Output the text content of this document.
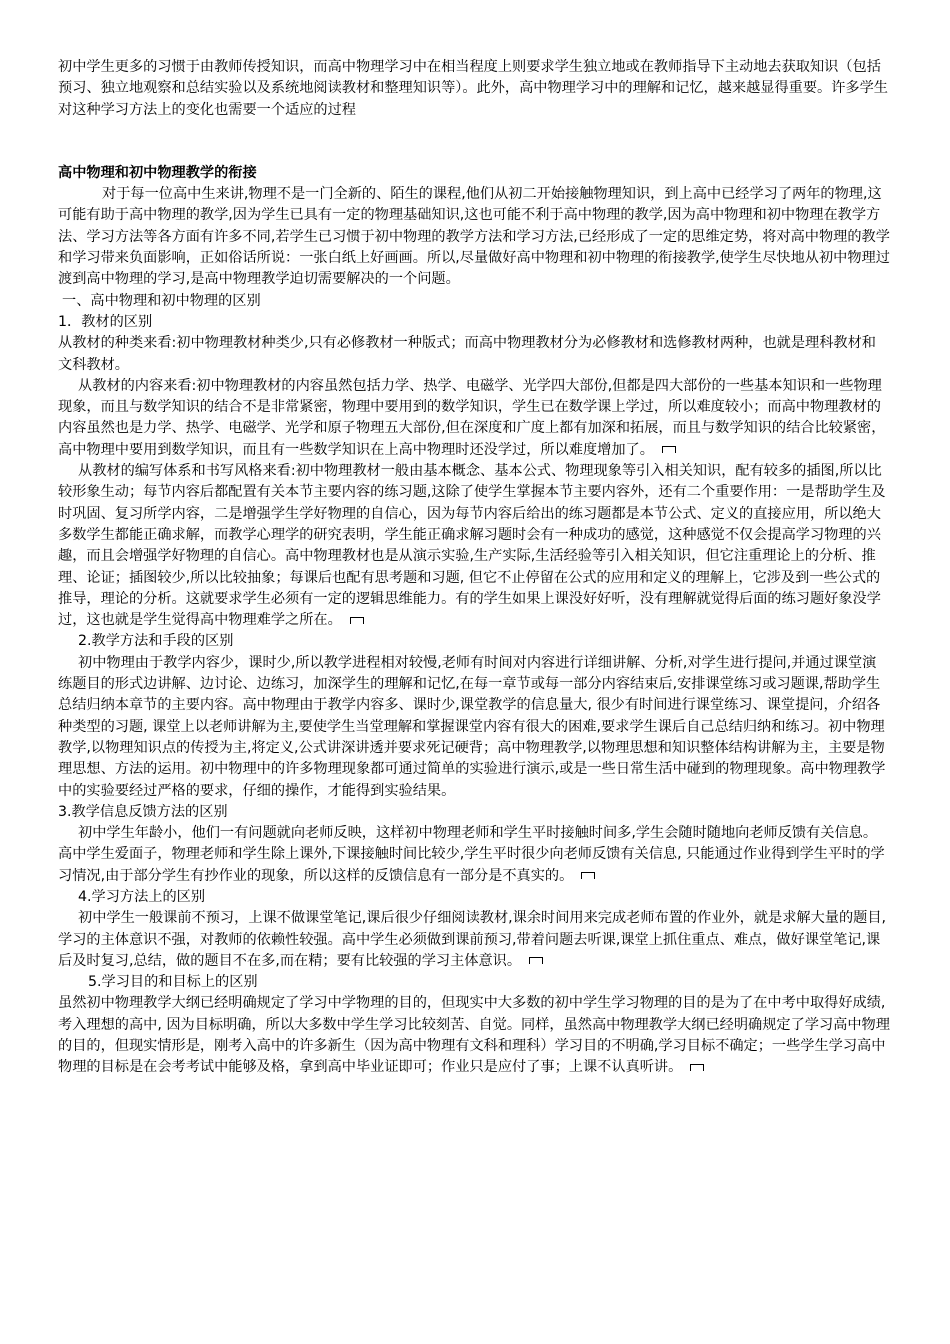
初中学生更多的习惯于由教师传授知识，而高中物理学习中在相当程度上则要求学生独立地或在教师指导下主动地去获取知识（包括预习、独立地观察和总结实验以及系统地阅读教材和整理知识等）。此外，高中物理学习中的理解和记忆，越来越显得重要。许多学生对这种学习方法上的变化也需要一个适应的过程

高中物理和初中物理教学的衔接

对于每一位高中生来讲,物理不是一门全新的、陌生的课程,他们从初二开始接触物理知识，到上高中已经学习了两年的物理,这可能有助于高中物理的教学,因为学生已具有一定的物理基础知识,这也可能不利于高中物理的教学,因为高中物理和初中物理在教学方法、学习方法等各方面有许多不同,若学生已习惯于初中物理的教学方法和学习方法,已经形成了一定的思维定势，将对高中物理的教学和学习带来负面影响，正如俗话所说：一张白纸上好画画。所以,尽量做好高中物理和初中物理的衔接教学,使学生尽快地从初中物理过渡到高中物理的学习,是高中物理教学迫切需要解决的一个问题。

一、高中物理和初中物理的区别

1．教材的区别

从教材的种类来看:初中物理教材种类少,只有必修教材一种版式；而高中物理教材分为必修教材和选修教材两种，也就是理科教材和文科教材。

从教材的内容来看:初中物理教材的内容虽然包括力学、热学、电磁学、光学四大部份,但都是四大部份的一些基本知识和一些物理现象，而且与数学知识的结合不是非常紧密，物理中要用到的数学知识，学生已在数学课上学过，所以难度较小；而高中物理教材的内容虽然也是力学、热学、电磁学、光学和原子物理五大部份,但在深度和广度上都有加深和拓展，而且与数学知识的结合比较紧密，高中物理中要用到数学知识，而且有一些数学知识在上高中物理时还没学过，所以难度增加了。

从教材的编写体系和书写风格来看:初中物理教材一般由基本概念、基本公式、物理现象等引入相关知识，配有较多的插图,所以比较形象生动；每节内容后都配置有关本节主要内容的练习题,这除了使学生掌握本节主要内容外，还有二个重要作用：一是帮助学生及时巩固、复习所学内容，二是增强学生学好物理的自信心，因为每节内容后给出的练习题都是本节公式、定义的直接应用，所以绝大多数学生都能正确求解，而教学心理学的研究表明，学生能正确求解习题时会有一种成功的感觉，这种感觉不仅会提高学习物理的兴趣，而且会增强学好物理的自信心。高中物理教材也是从演示实验,生产实际,生活经验等引入相关知识，但它注重理论上的分析、推理、论证；插图较少,所以比较抽象；每课后也配有思考题和习题, 但它不止停留在公式的应用和定义的理解上，它涉及到一些公式的推导，理论的分析。这就要求学生必须有一定的逻辑思维能力。有的学生如果上课没好好听，没有理解就觉得后面的练习题好象没学过，这也就是学生觉得高中物理难学之所在。

2.教学方法和手段的区别

初中物理由于教学内容少，课时少,所以教学进程相对较慢,老师有时间对内容进行详细讲解、分析,对学生进行提问,并通过课堂演练题目的形式边讲解、边讨论、边练习，加深学生的理解和记忆,在每一章节或每一部分内容结束后,安排课堂练习或习题课,帮助学生总结归纳本章节的主要内容。高中物理由于教学内容多、课时少,课堂教学的信息量大, 很少有时间进行课堂练习、课堂提问，介绍各种类型的习题, 课堂上以老师讲解为主,要使学生当堂理解和掌握课堂内容有很大的困难,要求学生课后自己总结归纳和练习。初中物理教学,以物理知识点的传授为主,将定义,公式讲深讲透并要求死记硬背；高中物理教学,以物理思想和知识整体结构讲解为主，主要是物理思想、方法的运用。初中物理中的许多物理现象都可通过简单的实验进行演示,或是一些日常生活中碰到的物理现象。高中物理教学中的实验要经过严格的要求，仔细的操作，才能得到实验结果。

3.教学信息反馈方法的区别

初中学生年龄小，他们一有问题就向老师反映，这样初中物理老师和学生平时接触时间多,学生会随时随地向老师反馈有关信息。高中学生爱面子，物理老师和学生除上课外,下课接触时间比较少,学生平时很少向老师反馈有关信息, 只能通过作业得到学生平时的学习情况,由于部分学生有抄作业的现象，所以这样的反馈信息有一部分是不真实的。

4.学习方法上的区别

初中学生一般课前不预习，上课不做课堂笔记,课后很少仔细阅读教材,课余时间用来完成老师布置的作业外，就是求解大量的题目, 学习的主体意识不强，对教师的依赖性较强。高中学生必须做到课前预习,带着问题去听课,课堂上抓住重点、难点，做好课堂笔记,课后及时复习,总结，做的题目不在多,而在精；要有比较强的学习主体意识。

5.学习目的和目标上的区别

虽然初中物理教学大纲已经明确规定了学习中学物理的目的，但现实中大多数的初中学生学习物理的目的是为了在中考中取得好成绩,考入理想的高中, 因为目标明确，所以大多数中学生学习比较刻苦、自觉。同样，虽然高中物理教学大纲已经明确规定了学习高中物理的目的，但现实情形是，刚考入高中的许多新生（因为高中物理有文科和理科）学习目的不明确,学习目标不确定；一些学生学习高中物理的目标是在会考考试中能够及格，拿到高中毕业证即可；作业只是应付了事；上课不认真听讲。
